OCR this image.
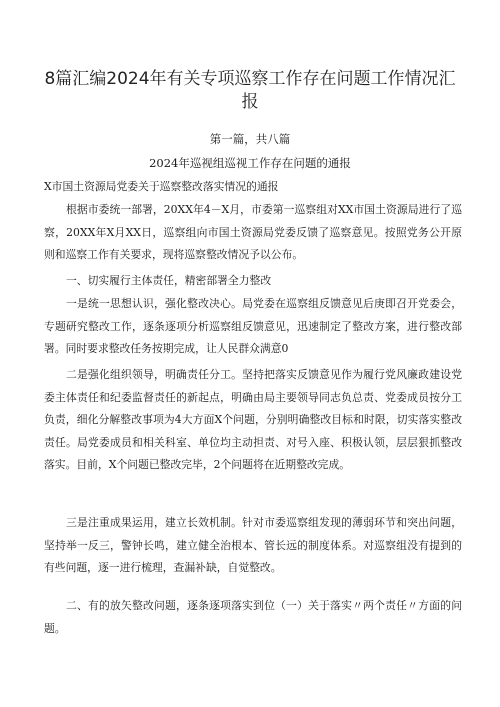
8篇汇编2024年有关专项巡察工作存在问题工作情况汇报
第一篇，共八篇
2024年巡视组巡视工作存在问题的通报
X市国土资源局党委关于巡察整改落实情况的通报
根据市委统一部署，20XX年4－X月，市委第一巡察组对XX市国土资源局进行了巡察，20XX年X月XX日，巡察组向市国土资源局党委反馈了巡察意见。按照党务公开原则和巡察工作有关要求，现将巡察整改情况予以公布。
一、切实履行主体责任，精密部署全力整改
一是统一思想认识，强化整改决心。局党委在巡察组反馈意见后庚即召开党委会，专题研究整改工作，逐条逐项分析巡察组反馈意见，迅速制定了整改方案，进行整改部署。同时要求整改任务按期完成，让人民群众满意0
二是强化组织领导，明确责任分工。坚持把落实反馈意见作为履行党风廉政建设党委主体责任和纪委监督责任的新起点，明确由局主要领导同志负总责、党委成员按分工负责，细化分解整改事项为4大方面X个问题，分别明确整改目标和时限，切实落实整改责任。局党委成员和相关科室、单位均主动担责、对号入座、积极认领，层层狠抓整改落实。目前，X个问题已整改完毕，2个问题将在近期整改完成。
三是注重成果运用，建立长效机制。针对市委巡察组发现的薄弱环节和突出问题，坚持举一反三，警钟长鸣，建立健全治根本、管长远的制度体系。对巡察组没有提到的有些问题，逐一进行梳理，查漏补缺，自觉整改。
二、有的放矢整改问题，逐条逐项落实到位（一）关于落实〃两个责任〃方面的问题。
